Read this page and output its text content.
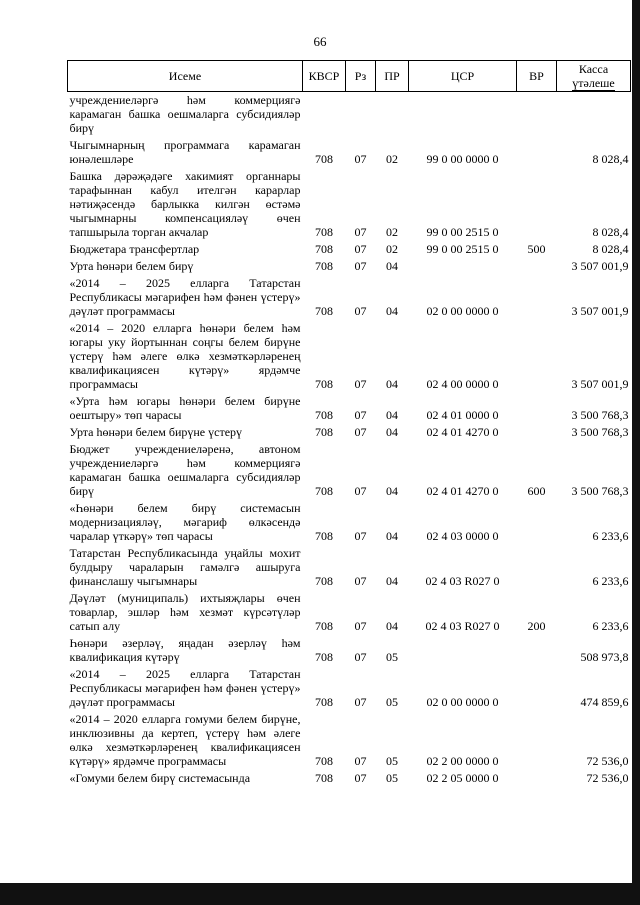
66
Исеме	КВСР	Рз	ПР	ЦСР	ВР	Касса
үтәлеше
учреждениеләргә һәм коммерциягә карамаган башка оешмаларга субсидияләр бирү						
Чыгымнарның программага карамаган юнәлешләре	708	07	02	99 0 00 0000 0		8 028,4
Башка дәрәҗәдәге хакимият органнары тарафыннан кабул ителгән карарлар нәтиҗәсендә барлыкка килгән өстәмә чыгымнарны компенсацияләү өчен тапшырыла торган акчалар	708	07	02	99 0 00 2515 0		8 028,4
Бюджетара трансфертлар	708	07	02	99 0 00 2515 0	500	8 028,4
Урта һөнәри белем бирү	708	07	04			3 507 001,9
«2014 – 2025 елларга Татарстан Республикасы мәгарифен һәм фәнен үстерү» дәүләт программасы	708	07	04	02 0 00 0000 0		3 507 001,9
«2014 – 2020 елларга һөнәри белем һәм югары уку йортыннан соңгы белем бирүне үстерү һәм әлеге өлкә хезмәткәрләренең квалификациясен күтәрү» ярдәмче программасы	708	07	04	02 4 00 0000 0		3 507 001,9
«Урта һәм югары һөнәри белем бирүне оештыру» төп чарасы	708	07	04	02 4 01 0000 0		3 500 768,3
Урта һөнәри белем бирүне үстерү	708	07	04	02 4 01 4270 0		3 500 768,3
Бюджет учреждениеләренә, автоном учреждениеләргә һәм коммерциягә карамаган башка оешмаларга субсидияләр бирү	708	07	04	02 4 01 4270 0	600	3 500 768,3
«Һөнәри белем бирү системасын модернизацияләү, мәгариф өлкәсендә чаралар үткәрү» төп чарасы	708	07	04	02 4 03 0000 0		6 233,6
Татарстан Республикасында уңайлы мохит булдыру чараларын гамәлгә ашыруга финанслашу чыгымнары	708	07	04	02 4 03 R027 0		6 233,6
Дәүләт (муниципаль) ихтыяҗлары өчен товарлар, эшләр һәм хезмәт күрсәтүләр сатып алу	708	07	04	02 4 03 R027 0	200	6 233,6
Һөнәри әзерләү, яңадан әзерләү һәм квалификация күтәрү	708	07	05			508 973,8
«2014 – 2025 елларга Татарстан Республикасы мәгарифен һәм фәнен үстерү» дәүләт программасы	708	07	05	02 0 00 0000 0		474 859,6
«2014 – 2020 елларга гомуми белем бирүне, инклюзивны да кертеп, үстерү һәм әлеге өлкә хезмәткәрләренең квалификациясен күтәрү» ярдәмче программасы	708	07	05	02 2 00 0000 0		72 536,0
«Гомуми белем бирү системасында	708	07	05	02 2 05 0000 0		72 536,0
